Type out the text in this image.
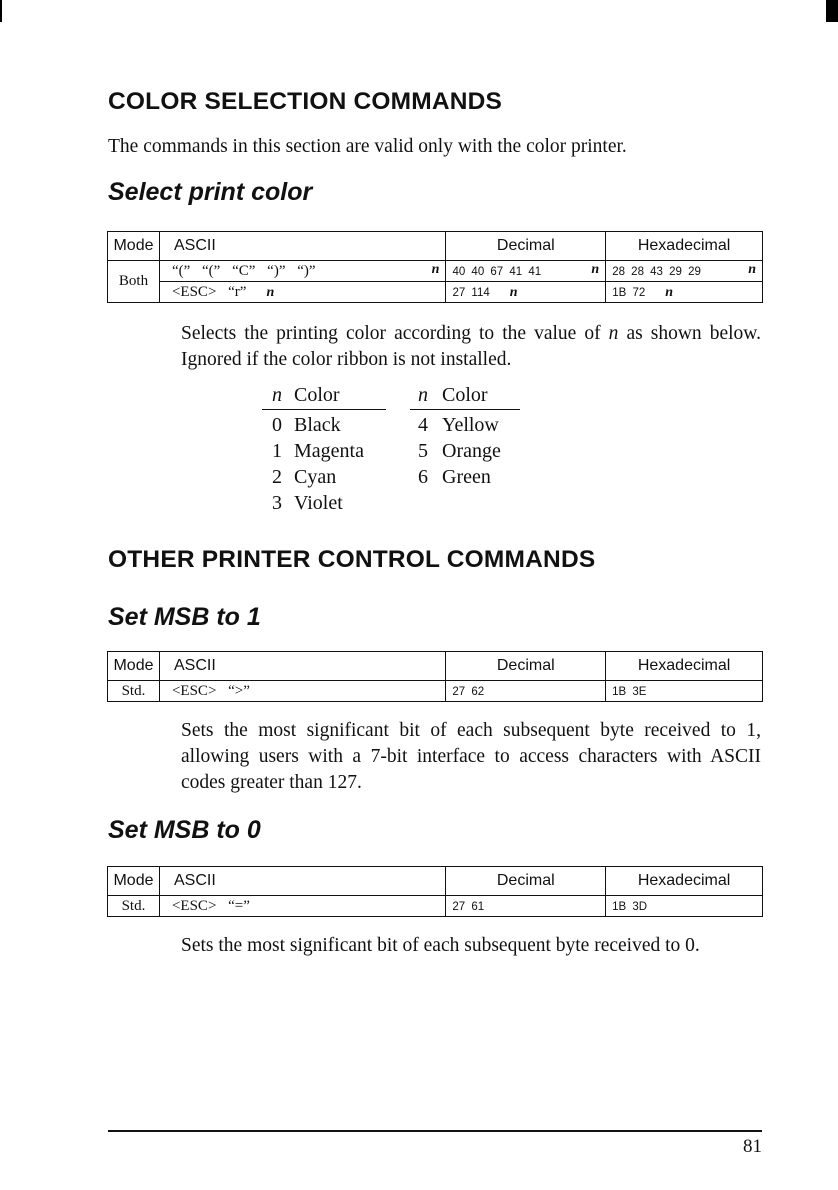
COLOR SELECTION COMMANDS
The commands in this section are valid only with the color printer.
Select print color
Mode	ASCII	Decimal	Hexadecimal
Both	“(” “(” “C” “)” “)” n	40 40 67 41 41 n	28 28 43 29 29 n

	<ESC> “r” n	27 114 n	1B 72 n
Selects the printing color according to the value of n as shown below. Ignored if the color ribbon is not installed.
n Color
0 Black
1 Magenta
2 Cyan
3 Violet
n Color
4 Yellow
5 Orange
6 Green
OTHER PRINTER CONTROL COMMANDS
Set MSB to 1
Mode	ASCII	Decimal	Hexadecimal
Std.	<ESC> “>”	27 62	1B 3E
Sets the most significant bit of each subsequent byte received to 1, allowing users with a 7-bit interface to access characters with ASCII codes greater than 127.
Set MSB to 0
Mode	ASCII	Decimal	Hexadecimal
Std.	<ESC> “=”	27 61	1B 3D
Sets the most significant bit of each subsequent byte received to 0.
81
